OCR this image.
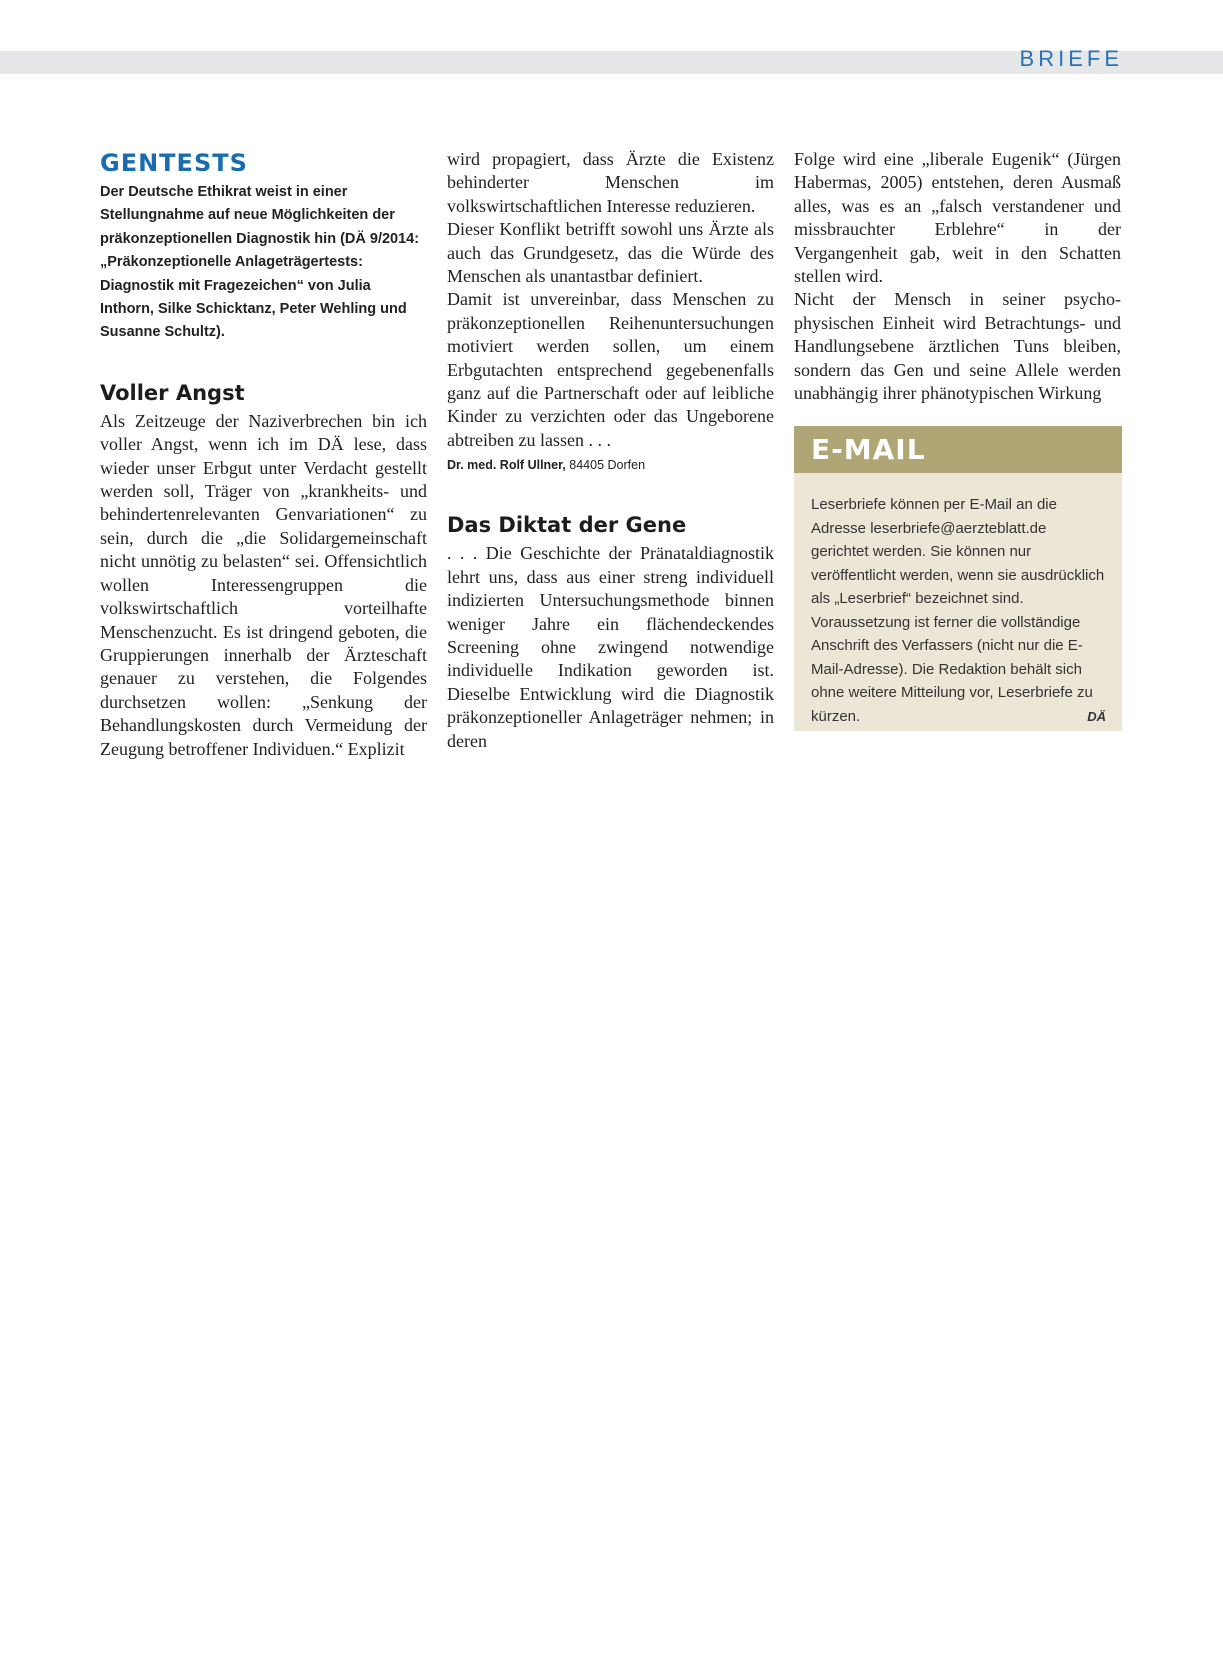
BRIEFE
GENTESTS
Der Deutsche Ethikrat weist in einer Stellungnahme auf neue Möglichkeiten der präkonzeptionellen Diagnostik hin (DÄ 9/2014: „Präkonzeptionelle Anlageträgertests: Diagnostik mit Fragezeichen“ von Julia Inthorn, Silke Schicktanz, Peter Wehling und Susanne Schultz).
Voller Angst
Als Zeitzeuge der Naziverbrechen bin ich voller Angst, wenn ich im DÄ lese, dass wieder unser Erbgut unter Verdacht gestellt werden soll, Träger von „krankheits- und behindertenrelevanten Genvariationen“ zu sein, durch die „die Solidargemeinschaft nicht unnötig zu belasten“ sei. Offensichtlich wollen Interessengruppen die volkswirtschaftlich vorteilhafte Menschenzucht. Es ist dringend geboten, die Gruppierungen innerhalb der Ärzteschaft genauer zu verstehen, die Folgendes durchsetzen wollen: „Senkung der Behandlungskosten durch Vermeidung der Zeugung betroffener Individuen.“ Explizit

wird propagiert, dass Ärzte die Existenz behinderter Menschen im volkswirtschaftlichen Interesse reduzieren.

Dieser Konflikt betrifft sowohl uns Ärzte als auch das Grundgesetz, das die Würde des Menschen als unantastbar definiert.

Damit ist unvereinbar, dass Menschen zu präkonzeptionellen Reihenuntersuchungen motiviert werden sollen, um einem Erbgutachten entsprechend gegebenenfalls ganz auf die Partnerschaft oder auf leibliche Kinder zu verzichten oder das Ungeborene abtreiben zu lassen . . .

Dr. med. Rolf Ullner, 84405 Dorfen
Das Diktat der Gene
. . . Die Geschichte der Pränataldiagnostik lehrt uns, dass aus einer streng individuell indizierten Untersuchungsmethode binnen weniger Jahre ein flächendeckendes Screening ohne zwingend notwendige individuelle Indikation geworden ist. Dieselbe Entwicklung wird die Diagnostik präkonzeptioneller Anlageträger nehmen; in deren

Folge wird eine „liberale Eugenik“ (Jürgen Habermas, 2005) entstehen, deren Ausmaß alles, was es an „falsch verstandener und missbrauchter Erblehre“ in der Vergangenheit gab, weit in den Schatten stellen wird.

Nicht der Mensch in seiner psycho-physischen Einheit wird Betrachtungs- und Handlungsebene ärztlichen Tuns bleiben, sondern das Gen und seine Allele werden unabhängig ihrer phänotypischen Wirkung

E-MAIL
Leserbriefe können per E-Mail an die Adresse leserbriefe@aerzteblatt.de gerichtet werden. Sie können nur veröffentlicht werden, wenn sie ausdrücklich als „Leserbrief“ bezeichnet sind. Voraussetzung ist ferner die vollständige Anschrift des Verfassers (nicht nur die E-Mail-Adresse). Die Redaktion behält sich ohne weitere Mitteilung vor, Leserbriefe zu kürzen.	DÄ
